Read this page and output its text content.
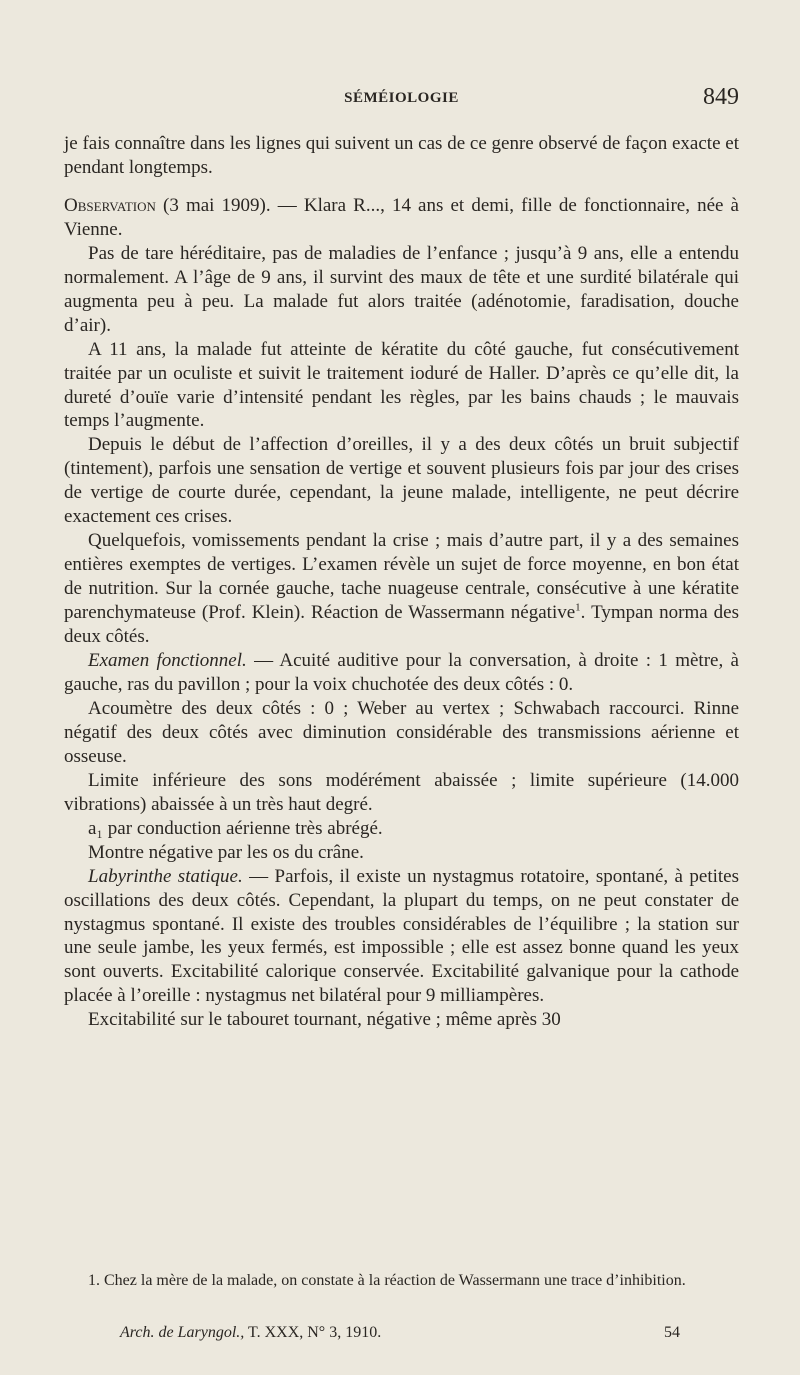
SÉMÉIOLOGIE	849

je fais connaître dans les lignes qui suivent un cas de ce genre observé de façon exacte et pendant longtemps.

Observation (3 mai 1909). — Klara R..., 14 ans et demi, fille de fonctionnaire, née à Vienne.

Pas de tare héréditaire, pas de maladies de l’enfance ; jusqu’à 9 ans, elle a entendu normalement. A l’âge de 9 ans, il survint des maux de tête et une surdité bilatérale qui augmenta peu à peu. La malade fut alors traitée (adénotomie, faradisation, douche d’air).

A 11 ans, la malade fut atteinte de kératite du côté gauche, fut consécutivement traitée par un oculiste et suivit le traitement ioduré de Haller. D’après ce qu’elle dit, la dureté d’ouïe varie d’intensité pendant les règles, par les bains chauds ; le mauvais temps l’augmente.

Depuis le début de l’affection d’oreilles, il y a des deux côtés un bruit subjectif (tintement), parfois une sensation de vertige et souvent plusieurs fois par jour des crises de vertige de courte durée, cependant, la jeune malade, intelligente, ne peut décrire exactement ces crises.

Quelquefois, vomissements pendant la crise ; mais d’autre part, il y a des semaines entières exemptes de vertiges. L’examen révèle un sujet de force moyenne, en bon état de nutrition. Sur la cornée gauche, tache nuageuse centrale, consécutive à une kératite parenchymateuse (Prof. Klein). Réaction de Wassermann négative$^1$. Tympan norma des deux côtés.

Examen fonctionnel. — Acuité auditive pour la conversation, à droite : 1 mètre, à gauche, ras du pavillon ; pour la voix chuchotée des deux côtés : 0.

Acoumètre des deux côtés : 0 ; Weber au vertex ; Schwabach raccourci. Rinne négatif des deux côtés avec diminution considérable des transmissions aérienne et osseuse.

Limite inférieure des sons modérément abaissée ; limite supérieure (14.000 vibrations) abaissée à un très haut degré.

a₁ par conduction aérienne très abrégé.

Montre négative par les os du crâne.

Labyrinthe statique. — Parfois, il existe un nystagmus rotatoire, spontané, à petites oscillations des deux côtés. Cependant, la plupart du temps, on ne peut constater de nystagmus spontané. Il existe des troubles considérables de l’équilibre ; la station sur une seule jambe, les yeux fermés, est impossible ; elle est assez bonne quand les yeux sont ouverts. Excitabilité calorique conservée. Excitabilité galvanique pour la cathode placée à l’oreille : nystagmus net bilatéral pour 9 milliampères.

Excitabilité sur le tabouret tournant, négative ; même après 30

1. Chez la mère de la malade, on constate à la réaction de Wassermann une trace d’inhibition.

Arch. de Laryngol., T. XXX, N° 3, 1910.	54
